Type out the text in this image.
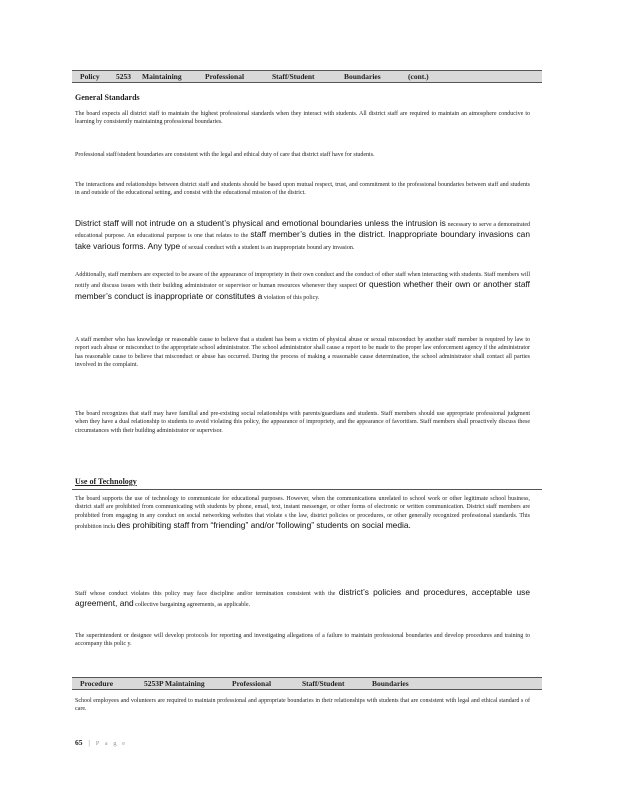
Policy 5253 Maintaining	Professional	Staff/Student	Boundaries	(cont.)
General Standards
The board expects all district staff to maintain the highest professional standards when they interact with students. All district staff are required to maintain an atmosphere conducive to learning by consistently maintaining professional boundaries.
Professional staff/student boundaries are consistent with the legal and ethical duty of care that district staff have for students.
The interactions and relationships between district staff and students should be based upon mutual respect, trust, and commitment to the professional boundaries between staff and students in and outside of the educational setting, and consist with the educational mission of the district.
District staff will not intrude on a student’s physical and emotional boundaries unless the intrusion is necessary to serve a demonstrated educational purpose. An educational purpose is one that relates to the staff member’s duties in the district. Inappropriate boundary invasions can take various forms. Any type of sexual conduct with a student is an inappropriate bound ary invasion.
Additionally, staff members are expected to be aware of the appearance of impropriety in their own conduct and the conduct of other staff when interacting with students. Staff members will notify and discuss issues with their building administrator or supervisor or human resources whenever they suspect or question whether their own or another staff member’s conduct is inappropriate or constitutes a violation of this policy.
A staff member who has knowledge or reasonable cause to believe that a student has been a victim of physical abuse or sexual misconduct by another staff member is required by law to report such abuse or misconduct to the appropriate school administrator. The school administrator shall cause a report to be made to the proper law enforcement agency if the administrator has reasonable cause to believe that misconduct or abuse has occurred. During the process of making a reasonable cause determination, the school administrator shall contact all parties involved in the complaint.
The board recognizes that staff may have familial and pre-existing social relationships with parents/guardians and students. Staff members should use appropriate professional judgment when they have a dual relationship to students to avoid violating this policy, the appearance of impropriety, and the appearance of favoritism. Staff members shall proactively discuss these circumstances with their building administrator or supervisor.
Use of Technology
The board supports the use of technology to communicate for educational purposes. However, when the communications unrelated to school work or other legitimate school business, district staff are prohibited from communicating with students by phone, email, text, instant messenger, or other forms of electronic or written communication. District staff members are prohibited from engaging in any conduct on social networking websites that violate s the law, district policies or procedures, or other generally recognized professional standards. This prohibition inclu des prohibiting staff from “friending” and/or “following” students on social media.
Staff whose conduct violates this policy may face discipline and/or termination consistent with the district’s policies and procedures, acceptable use agreement, and collective bargaining agreements, as applicable.
The superintendent or designee will develop protocols for reporting and investigating allegations of a failure to maintain professional boundaries and develop procedures and training to accompany this polic y.
Procedure	5253P Maintaining	Professional	Staff/Student	Boundaries
School employees and volunteers are required to maintain professional and appropriate boundaries in their relationships with students that are consistent with legal and ethical standard s of care.
65 | P a g e
